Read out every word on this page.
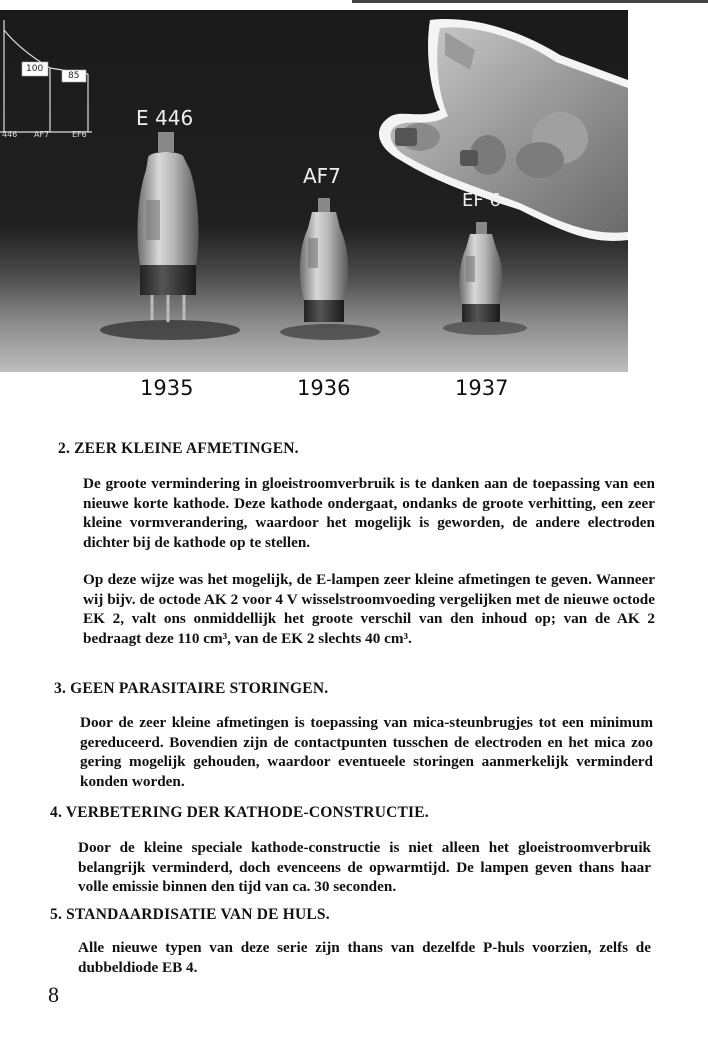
100
85
446 AF7	EF6
E 446
AF7
EF 6
1935	1936	1937
2. ZEER KLEINE AFMETINGEN.
De groote vermindering in gloeistroomverbruik is te danken aan de toepassing van een nieuwe korte kathode. Deze kathode ondergaat, ondanks de groote verhitting, een zeer kleine vormverandering, waardoor het mogelijk is geworden, de andere electroden dichter bij de kathode op te stellen.
Op deze wijze was het mogelijk, de E-lampen zeer kleine afmetingen te geven. Wanneer wij bijv. de octode AK 2 voor 4 V wisselstroomvoeding vergelijken met de nieuwe octode EK 2, valt ons onmiddellijk het groote verschil van den inhoud op; van de AK 2 bedraagt deze 110 cm³, van de EK 2 slechts 40 cm³.
3. GEEN PARASITAIRE STORINGEN.
Door de zeer kleine afmetingen is toepassing van mica-steunbrugjes tot een minimum gereduceerd. Bovendien zijn de contactpunten tusschen de electroden en het mica zoo gering mogelijk gehouden, waardoor eventueele storingen aanmerkelijk verminderd konden worden.
4. VERBETERING DER KATHODE-CONSTRUCTIE.
Door de kleine speciale kathode-constructie is niet alleen het gloeistroomverbruik belangrijk verminderd, doch evenceens de opwarmtijd. De lampen geven thans haar volle emissie binnen den tijd van ca. 30 seconden.
5. STANDAARDISATIE VAN DE HULS.
Alle nieuwe typen van deze serie zijn thans van dezelfde P-huls voorzien, zelfs de dubbeldiode EB 4.
8
